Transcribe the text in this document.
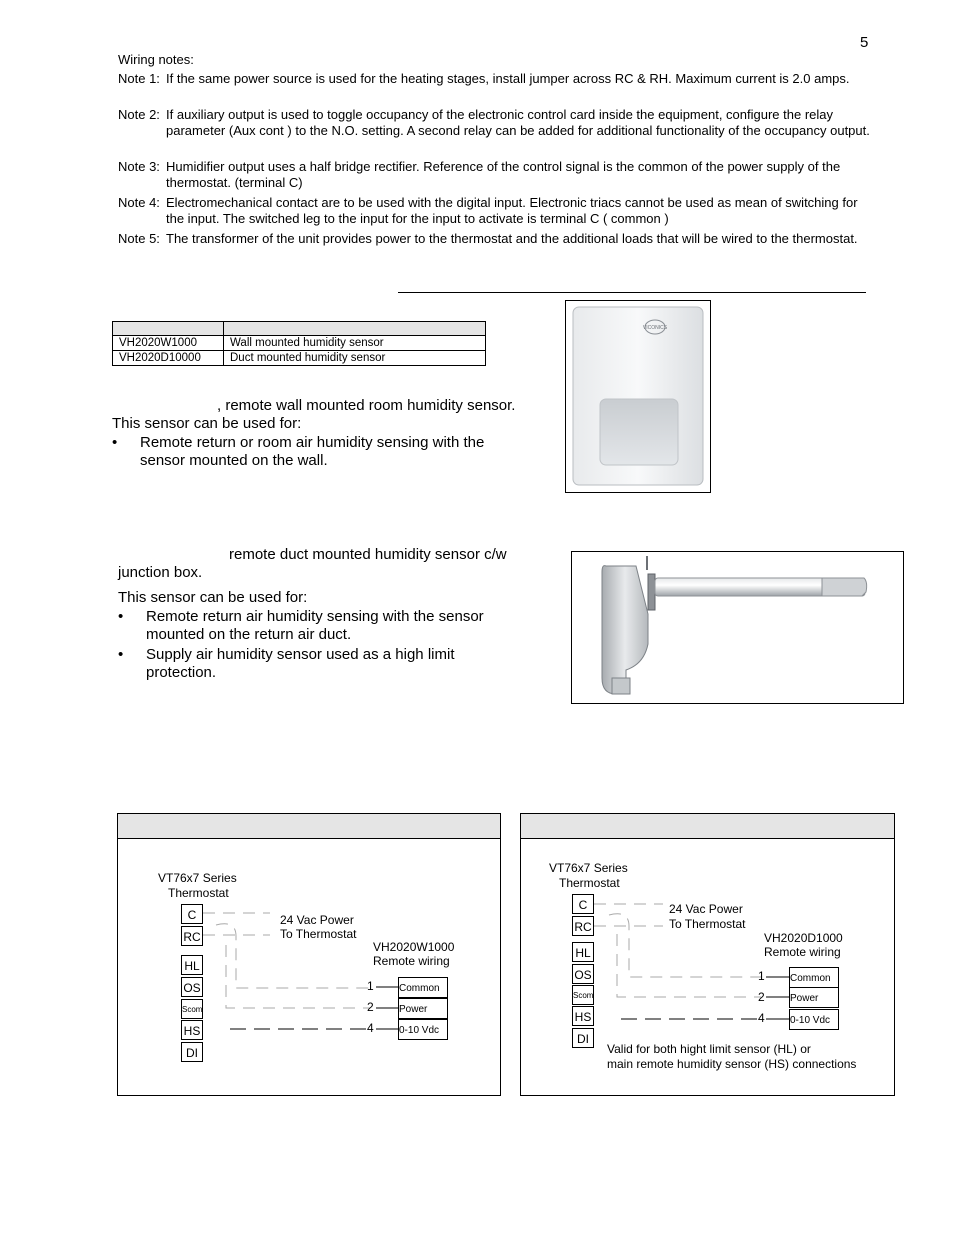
5
Wiring notes:
Note 1: If the same power source is used for the heating stages, install jumper across RC & RH. Maximum current is 2.0 amps.
Note 2: If auxiliary output is used to toggle occupancy of the electronic control card inside the equipment, configure the relay parameter (Aux cont ) to the N.O. setting. A second relay can be added for additional functionality of the occupancy output.
Note 3: Humidifier output uses a half bridge rectifier. Reference of the control signal is the common of the power supply of the thermostat. (terminal C)
Note 4: Electromechanical contact are to be used with the digital input. Electronic triacs cannot be used as mean of switching for the input. The switched leg to the input for the input to activate is terminal C ( common )
Note 5: The transformer of the unit provides power to the thermostat and the additional loads that will be wired to the thermostat.

VH2020W1000	Wall mounted humidity sensor
VH2020D10000	Duct mounted humidity sensor
, remote wall mounted room humidity sensor.
This sensor can be used for:
• Remote return or room air humidity sensing with the sensor mounted on the wall.
VICONICS
remote duct mounted humidity sensor c/w
junction box.
This sensor can be used for:
• Remote return air humidity sensing with the sensor mounted on the return air duct.
• Supply air humidity sensor used as a high limit protection.
VT76x7 Series
Thermostat
C
RC
HL
OS
Scom
HS
DI
24 Vac Power
To Thermostat
VH2020W1000
Remote wiring
1
2
4
Common
Power
0-10 Vdc
VT76x7 Series
Thermostat
C
RC
HL
OS
Scom
HS
DI
24 Vac Power
To Thermostat
VH2020D1000
Remote wiring
1
2
4
Common
Power
0-10 Vdc
Valid for both hight limit sensor (HL) or
main remote humidity sensor (HS) connections
